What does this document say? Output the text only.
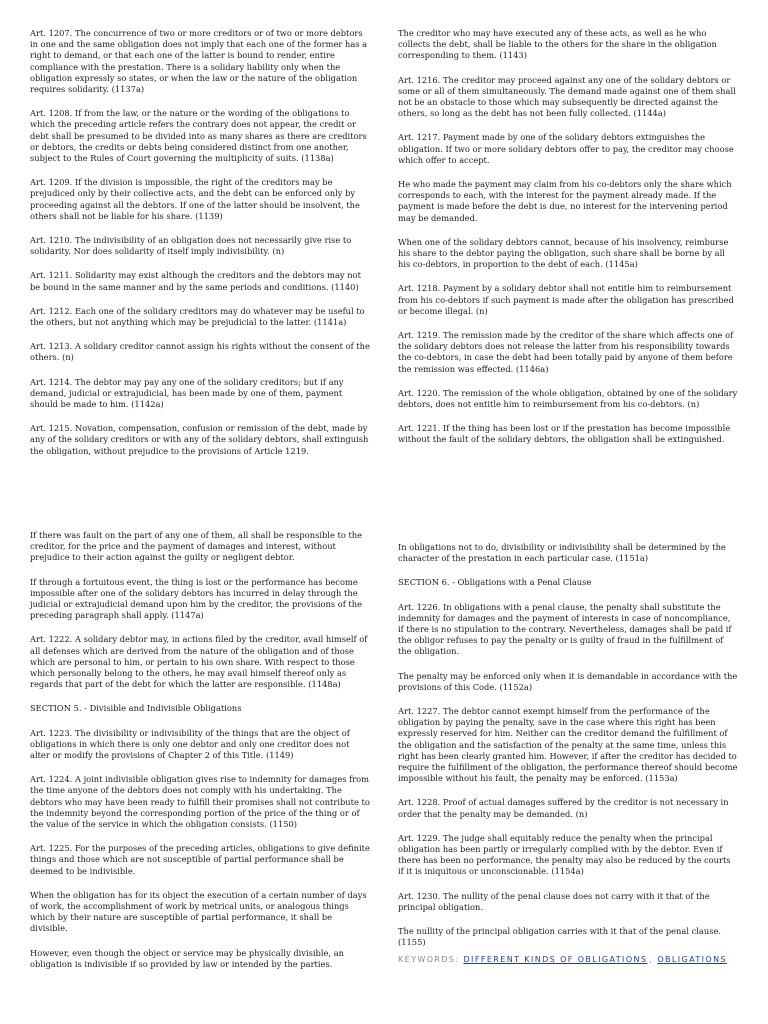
Art. 1207. The concurrence of two or more creditors or of two or more debtors in one and the same obligation does not imply that each one of the former has a right to demand, or that each one of the latter is bound to render, entire compliance with the prestation. There is a solidary liability only when the obligation expressly so states, or when the law or the nature of the obligation requires solidarity. (1137a)

Art. 1208. If from the law, or the nature or the wording of the obligations to which the preceding article refers the contrary does not appear, the credit or debt shall be presumed to be divided into as many shares as there are creditors or debtors, the credits or debts being considered distinct from one another, subject to the Rules of Court governing the multiplicity of suits. (1138a)

Art. 1209. If the division is impossible, the right of the creditors may be prejudiced only by their collective acts, and the debt can be enforced only by proceeding against all the debtors. If one of the latter should be insolvent, the others shall not be liable for his share. (1139)

Art. 1210. The indivisibility of an obligation does not necessarily give rise to solidarity. Nor does solidarity of itself imply indivisibility. (n)

Art. 1211. Solidarity may exist although the creditors and the debtors may not be bound in the same manner and by the same periods and conditions. (1140)

Art. 1212. Each one of the solidary creditors may do whatever may be useful to the others, but not anything which may be prejudicial to the latter. (1141a)

Art. 1213. A solidary creditor cannot assign his rights without the consent of the others. (n)

Art. 1214. The debtor may pay any one of the solidary creditors; but if any demand, judicial or extrajudicial, has been made by one of them, payment should be made to him. (1142a)

Art. 1215. Novation, compensation, confusion or remission of the debt, made by any of the solidary creditors or with any of the solidary debtors, shall extinguish the obligation, without prejudice to the provisions of Article 1219.

The creditor who may have executed any of these acts, as well as he who collects the debt, shall be liable to the others for the share in the obligation corresponding to them. (1143)

Art. 1216. The creditor may proceed against any one of the solidary debtors or some or all of them simultaneously. The demand made against one of them shall not be an obstacle to those which may subsequently be directed against the others, so long as the debt has not been fully collected. (1144a)

Art. 1217. Payment made by one of the solidary debtors extinguishes the obligation. If two or more solidary debtors offer to pay, the creditor may choose which offer to accept.

He who made the payment may claim from his co-debtors only the share which corresponds to each, with the interest for the payment already made. If the payment is made before the debt is due, no interest for the intervening period may be demanded.

When one of the solidary debtors cannot, because of his insolvency, reimburse his share to the debtor paying the obligation, such share shall be borne by all his co-debtors, in proportion to the debt of each. (1145a)

Art. 1218. Payment by a solidary debtor shall not entitle him to reimbursement from his co-debtors if such payment is made after the obligation has prescribed or become illegal. (n)

Art. 1219. The remission made by the creditor of the share which affects one of the solidary debtors does not release the latter from his responsibility towards the co-debtors, in case the debt had been totally paid by anyone of them before the remission was effected. (1146a)

Art. 1220. The remission of the whole obligation, obtained by one of the solidary debtors, does not entitle him to reimbursement from his co-debtors. (n)

Art. 1221. If the thing has been lost or if the prestation has become impossible without the fault of the solidary debtors, the obligation shall be extinguished.

If there was fault on the part of any one of them, all shall be responsible to the creditor, for the price and the payment of damages and interest, without prejudice to their action against the guilty or negligent debtor.

If through a fortuitous event, the thing is lost or the performance has become impossible after one of the solidary debtors has incurred in delay through the judicial or extrajudicial demand upon him by the creditor, the provisions of the preceding paragraph shall apply. (1147a)

Art. 1222. A solidary debtor may, in actions filed by the creditor, avail himself of all defenses which are derived from the nature of the obligation and of those which are personal to him, or pertain to his own share. With respect to those which personally belong to the others, he may avail himself thereof only as regards that part of the debt for which the latter are responsible. (1148a)

SECTION 5. - Divisible and Indivisible Obligations

Art. 1223. The divisibility or indivisibility of the things that are the object of obligations in which there is only one debtor and only one creditor does not alter or modify the provisions of Chapter 2 of this Title. (1149)

Art. 1224. A joint indivisible obligation gives rise to indemnity for damages from the time anyone of the debtors does not comply with his undertaking. The debtors who may have been ready to fulfill their promises shall not contribute to the indemnity beyond the corresponding portion of the price of the thing or of the value of the service in which the obligation consists. (1150)

Art. 1225. For the purposes of the preceding articles, obligations to give definite things and those which are not susceptible of partial performance shall be deemed to be indivisible.

When the obligation has for its object the execution of a certain number of days of work, the accomplishment of work by metrical units, or analogous things which by their nature are susceptible of partial performance, it shall be divisible.

However, even though the object or service may be physically divisible, an obligation is indivisible if so provided by law or intended by the parties.

In obligations not to do, divisibility or indivisibility shall be determined by the character of the prestation in each particular case. (1151a)

SECTION 6. - Obligations with a Penal Clause

Art. 1226. In obligations with a penal clause, the penalty shall substitute the indemnity for damages and the payment of interests in case of noncompliance, if there is no stipulation to the contrary. Nevertheless, damages shall be paid if the obligor refuses to pay the penalty or is guilty of fraud in the fulfillment of the obligation.

The penalty may be enforced only when it is demandable in accordance with the provisions of this Code. (1152a)

Art. 1227. The debtor cannot exempt himself from the performance of the obligation by paying the penalty, save in the case where this right has been expressly reserved for him. Neither can the creditor demand the fulfillment of the obligation and the satisfaction of the penalty at the same time, unless this right has been clearly granted him. However, if after the creditor has decided to require the fulfillment of the obligation, the performance thereof should become impossible without his fault, the penalty may be enforced. (1153a)

Art. 1228. Proof of actual damages suffered by the creditor is not necessary in order that the penalty may be demanded. (n)

Art. 1229. The judge shall equitably reduce the penalty when the principal obligation has been partly or irregularly complied with by the debtor. Even if there has been no performance, the penalty may also be reduced by the courts if it is iniquitous or unconscionable. (1154a)

Art. 1230. The nullity of the penal clause does not carry with it that of the principal obligation.

The nullity of the principal obligation carries with it that of the penal clause. (1155)

KEYWORDS: DIFFERENT KINDS OF OBLIGATIONS , OBLIGATIONS
